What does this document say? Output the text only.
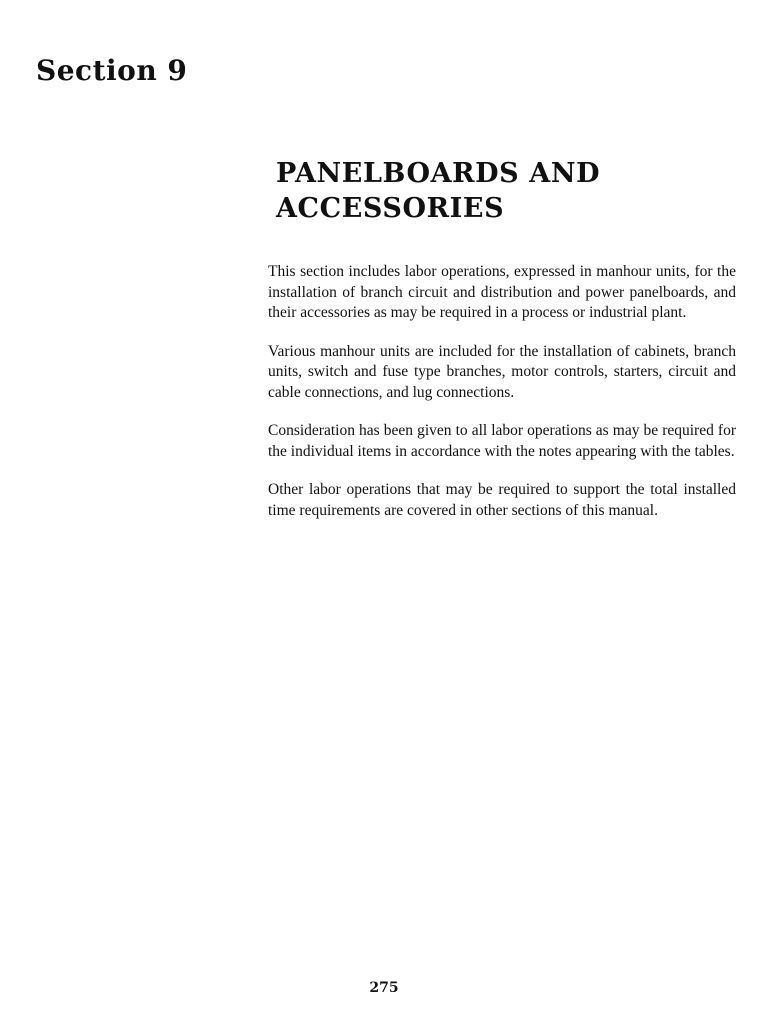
Section 9
PANELBOARDS AND
ACCESSORIES

This section includes labor operations, expressed in manhour units, for the installation of branch circuit and distribution and power panelboards, and their accessories as may be required in a process or industrial plant.

Various manhour units are included for the installation of cabinets, branch units, switch and fuse type branches, motor controls, starters, circuit and cable connections, and lug connections.

Consideration has been given to all labor operations as may be required for the individual items in accordance with the notes appearing with the tables.

Other labor operations that may be required to support the total installed time requirements are covered in other sections of this manual.

275
